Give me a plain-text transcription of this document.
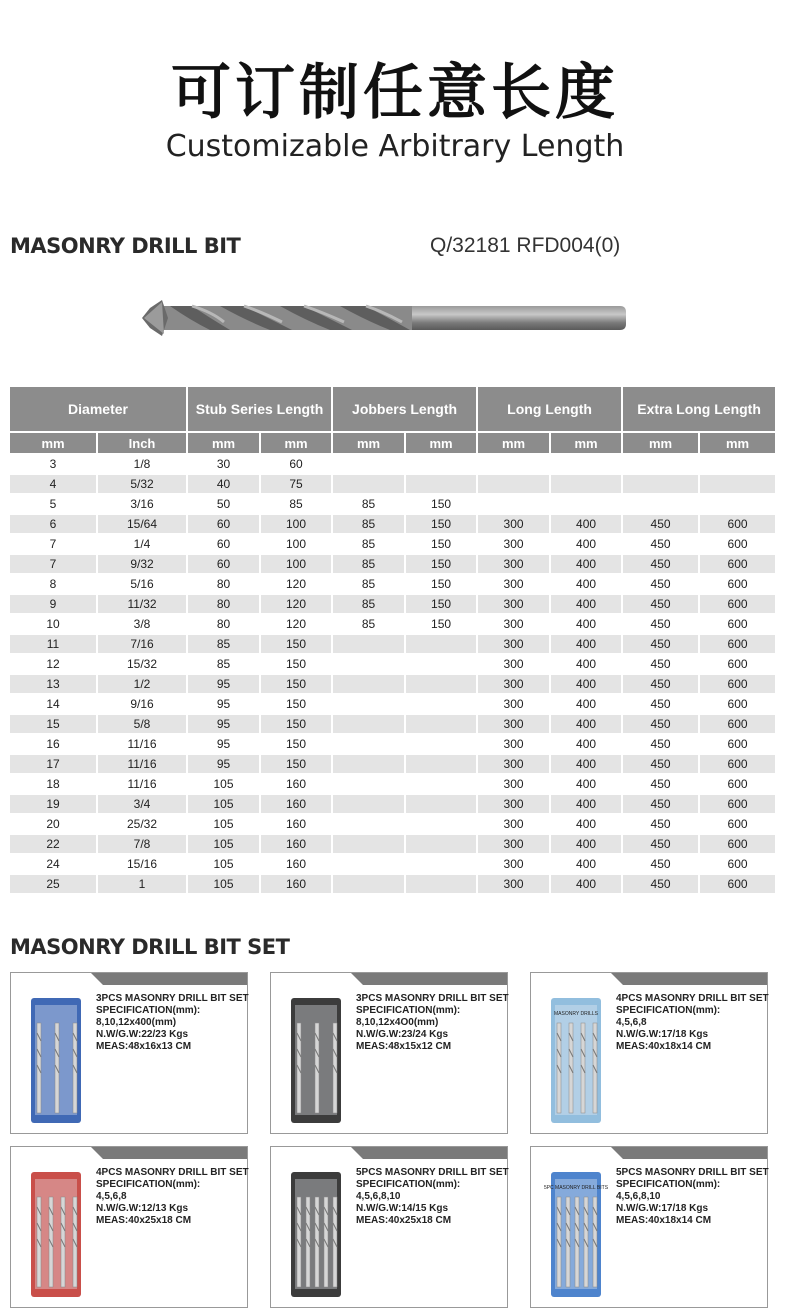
可订制任意长度
Customizable Arbitrary Length
MASONRY DRILL BIT	Q/32181 RFD004(0)
Diameter		Stub Series Length		Jobbers Length		Long Length		Extra Long Length	
mm	Inch	mm	mm	mm	mm	mm	mm	mm	mm
3	1/8	30	60						
4	5/32	40	75						
5	3/16	50	85	85	150				
6	15/64	60	100	85	150	300	400	450	600
7	1/4	60	100	85	150	300	400	450	600
7	9/32	60	100	85	150	300	400	450	600
8	5/16	80	120	85	150	300	400	450	600
9	11/32	80	120	85	150	300	400	450	600
10	3/8	80	120	85	150	300	400	450	600
11	7/16	85	150			300	400	450	600
12	15/32	85	150			300	400	450	600
13	1/2	95	150			300	400	450	600
14	9/16	95	150			300	400	450	600
15	5/8	95	150			300	400	450	600
16	11/16	95	150			300	400	450	600
17	11/16	95	150			300	400	450	600
18	11/16	105	160			300	400	450	600
19	3/4	105	160			300	400	450	600
20	25/32	105	160			300	400	450	600
22	7/8	105	160			300	400	450	600
24	15/16	105	160			300	400	450	600
25	1	105	160			300	400	450	600
MASONRY DRILL BIT SET
3PCS MASONRY DRILL BIT SET
SPECIFICATION(mm):
8,10,12x400(mm)
N.W/G.W:22/23 Kgs
MEAS:48x16x13 CM
3PCS MASONRY DRILL BIT SET
SPECIFICATION(mm):
8,10,12x4O0(mm)
N.W/G.W:23/24 Kgs
MEAS:48x15x12 CM
MASONRY DRILLS
4PCS MASONRY DRILL BIT SET
SPECIFICATION(mm):
4,5,6,8
N.W/G.W:17/18 Kgs
MEAS:40x18x14 CM
4PCS MASONRY DRILL BIT SET
SPECIFICATION(mm):
4,5,6,8
N.W/G.W:12/13 Kgs
MEAS:40x25x18 CM
5PCS MASONRY DRILL BIT SET
SPECIFICATION(mm):
4,5,6,8,10
N.W/G.W:14/15 Kgs
MEAS:40x25x18 CM
5PC MASONRY DRILL BITS
5PCS MASONRY DRILL BIT SET
SPECIFICATION(mm):
4,5,6,8,10
N.W/G.W:17/18 Kgs
MEAS:40x18x14 CM
